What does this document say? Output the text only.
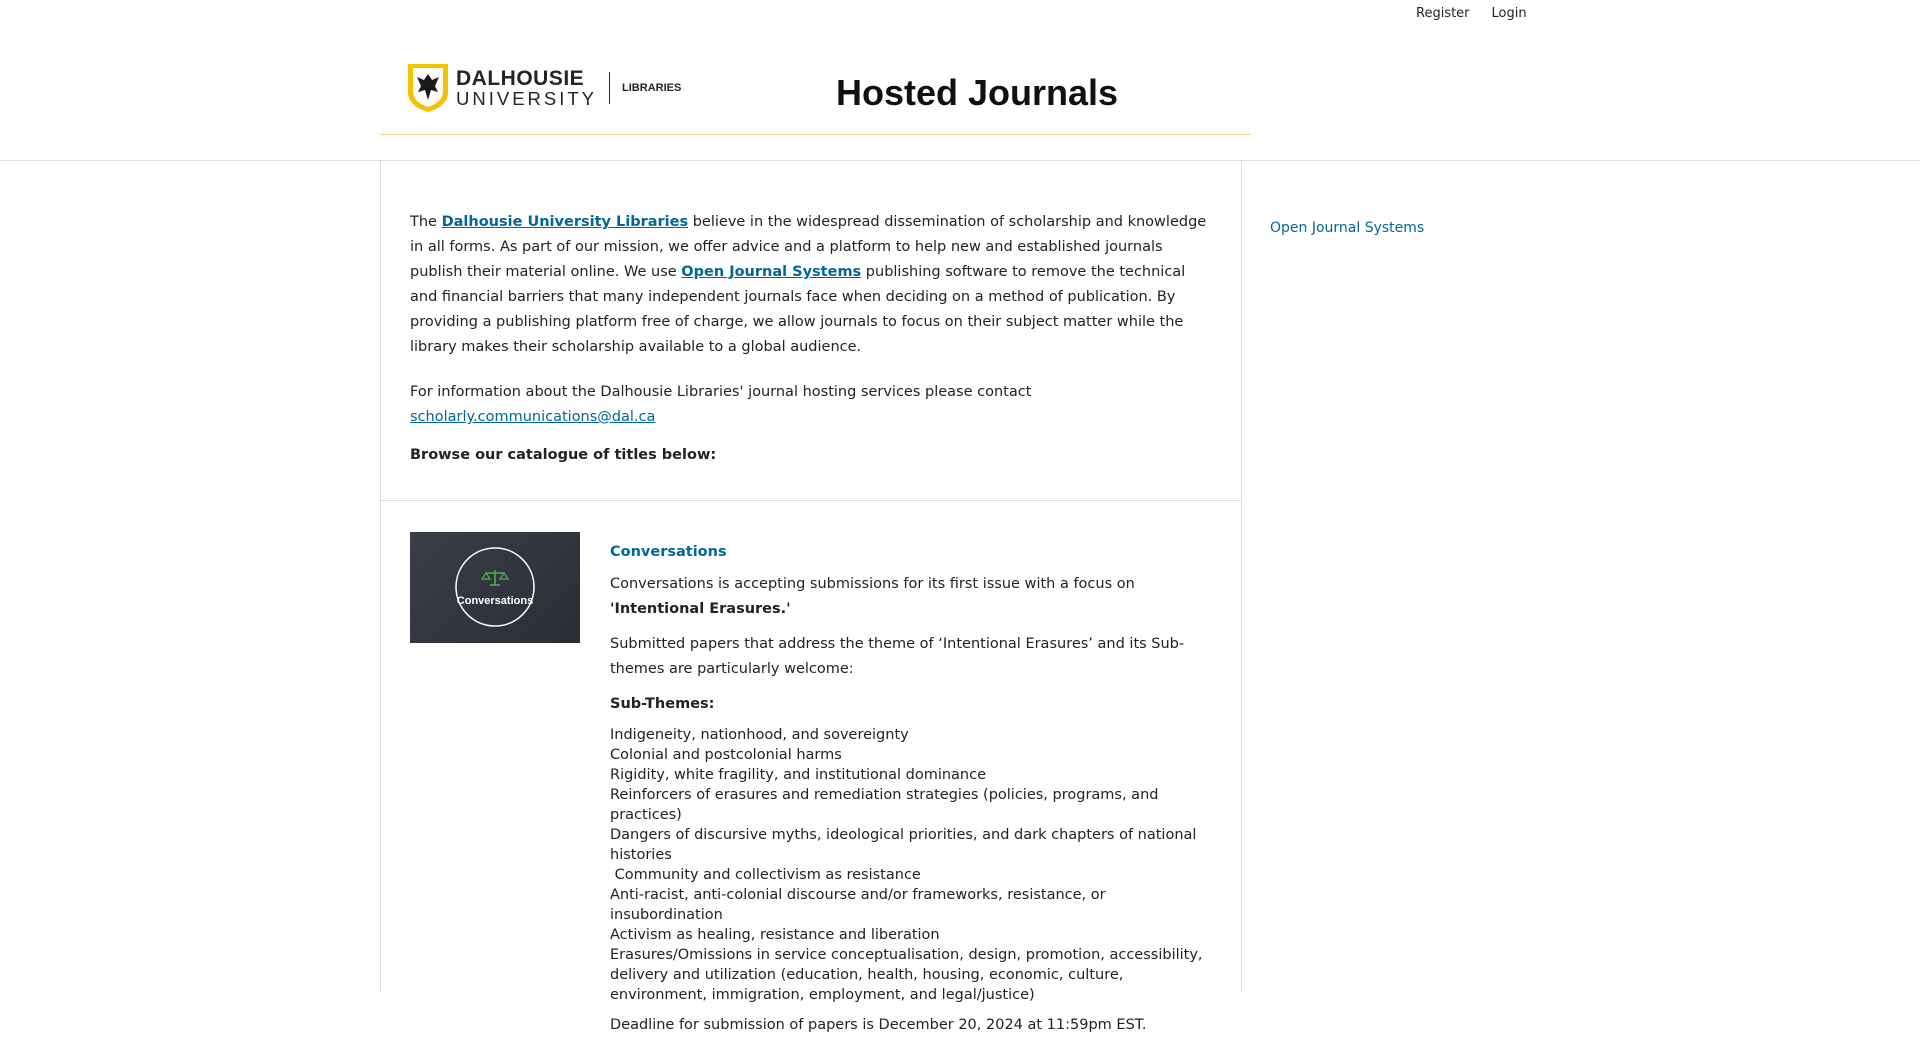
Register Login
DALHOUSIE
UNIVERSITY LIBRARIES	Hosted Journals

The Dalhousie University Libraries believe in the widespread dissemination of scholarship and knowledge in all forms. As part of our mission, we offer advice and a platform to help new and established journals publish their material online. We use Open Journal Systems publishing software to remove the technical and financial barriers that many independent journals face when deciding on a method of publication. By providing a publishing platform free of charge, we allow journals to focus on their subject matter while the library makes their scholarship available to a global audience.

For information about the Dalhousie Libraries' journal hosting services please contact scholarly.communications@dal.ca

Browse our catalogue of titles below:
Conversations
Conversations

Conversations is accepting submissions for its first issue with a focus on 'Intentional Erasures.'

Submitted papers that address the theme of ‘Intentional Erasures’ and its Sub-themes are particularly welcome:

Sub-Themes:
Indigeneity, nationhood, and sovereignty
Colonial and postcolonial harms
Rigidity, white fragility, and institutional dominance
Reinforcers of erasures and remediation strategies (policies, programs, and practices)
Dangers of discursive myths, ideological priorities, and dark chapters of national histories
Community and collectivism as resistance
Anti-racist, anti-colonial discourse and/or frameworks, resistance, or insubordination
Activism as healing, resistance and liberation
Erasures/Omissions in service conceptualisation, design, promotion, accessibility, delivery and utilization (education, health, housing, economic, culture, environment, immigration, employment, and legal/justice)

Deadline for submission of papers is December 20, 2024 at 11:59pm EST.

Open Journal Systems
